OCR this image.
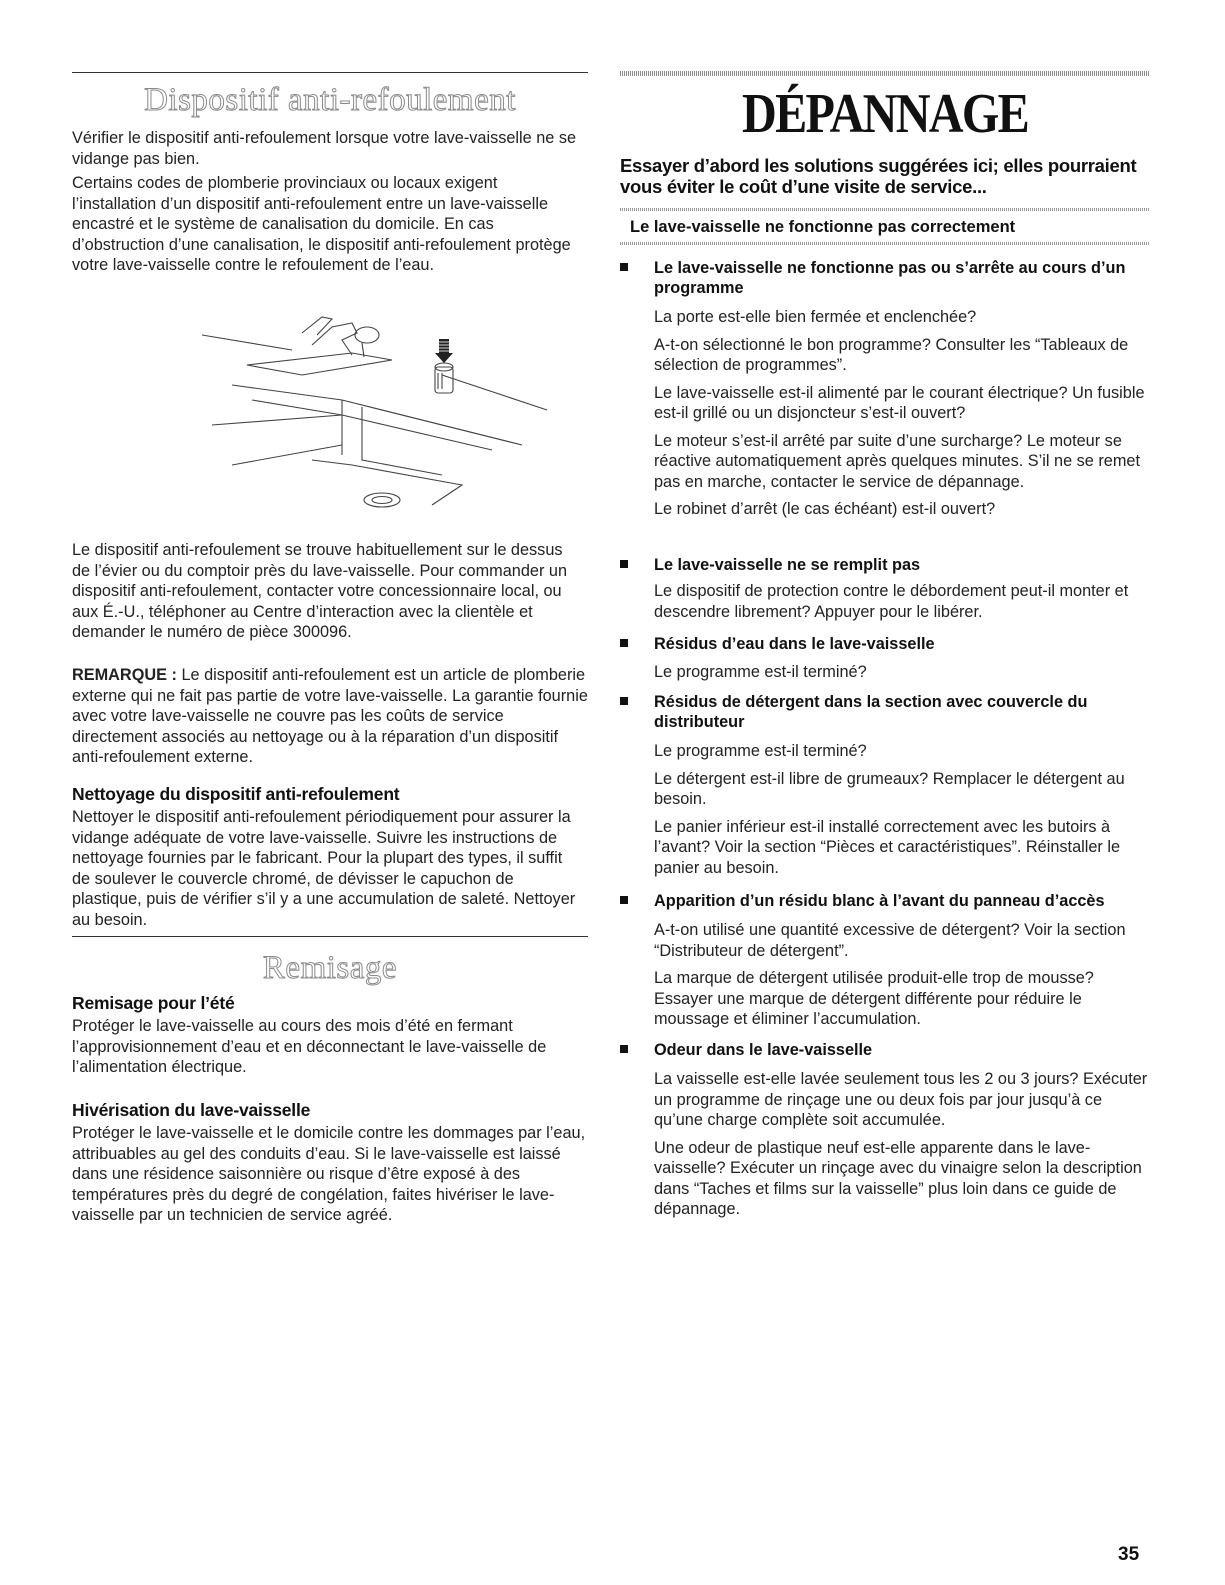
Dispositif anti-refoulement

Vérifier le dispositif anti-refoulement lorsque votre lave-vaisselle ne se vidange pas bien.

Certains codes de plomberie provinciaux ou locaux exigent l’installation d’un dispositif anti-refoulement entre un lave-vaisselle encastré et le système de canalisation du domicile. En cas d’obstruction d’une canalisation, le dispositif anti-refoulement protège votre lave-vaisselle contre le refoulement de l’eau.

Le dispositif anti-refoulement se trouve habituellement sur le dessus de l’évier ou du comptoir près du lave-vaisselle. Pour commander un dispositif anti-refoulement, contacter votre concessionnaire local, ou aux É.-U., téléphoner au Centre d’interaction avec la clientèle et demander le numéro de pièce 300096.

REMARQUE : Le dispositif anti-refoulement est un article de plomberie externe qui ne fait pas partie de votre lave-vaisselle. La garantie fournie avec votre lave-vaisselle ne couvre pas les coûts de service directement associés au nettoyage ou à la réparation d’un dispositif anti-refoulement externe.

Nettoyage du dispositif anti-refoulement

Nettoyer le dispositif anti-refoulement périodiquement pour assurer la vidange adéquate de votre lave-vaisselle. Suivre les instructions de nettoyage fournies par le fabricant. Pour la plupart des types, il suffit de soulever le couvercle chromé, de dévisser le capuchon de plastique, puis de vérifier s’il y a une accumulation de saleté. Nettoyer au besoin.

Remisage

Remisage pour l’été

Protéger le lave-vaisselle au cours des mois d’été en fermant l’approvisionnement d’eau et en déconnectant le lave-vaisselle de l’alimentation électrique.

Hivérisation du lave-vaisselle

Protéger le lave-vaisselle et le domicile contre les dommages par l’eau, attribuables au gel des conduits d’eau. Si le lave-vaisselle est laissé dans une résidence saisonnière ou risque d’être exposé à des températures près du degré de congélation, faites hivériser le lave-vaisselle par un technicien de service agréé.

DÉPANNAGE

Essayer d’abord les solutions suggérées ici; elles pourraient vous éviter le coût d’une visite de service...

Le lave-vaisselle ne fonctionne pas correctement

Le lave-vaisselle ne fonctionne pas ou s’arrête au cours d’un programme

La porte est-elle bien fermée et enclenchée?

A-t-on sélectionné le bon programme? Consulter les “Tableaux de sélection de programmes”.

Le lave-vaisselle est-il alimenté par le courant électrique? Un fusible est-il grillé ou un disjoncteur s’est-il ouvert?

Le moteur s’est-il arrêté par suite d’une surcharge? Le moteur se réactive automatiquement après quelques minutes. S’il ne se remet pas en marche, contacter le service de dépannage.

Le robinet d’arrêt (le cas échéant) est-il ouvert?

Le lave-vaisselle ne se remplit pas

Le dispositif de protection contre le débordement peut-il monter et descendre librement? Appuyer pour le libérer.

Résidus d’eau dans le lave-vaisselle

Le programme est-il terminé?

Résidus de détergent dans la section avec couvercle du distributeur

Le programme est-il terminé?

Le détergent est-il libre de grumeaux? Remplacer le détergent au besoin.

Le panier inférieur est-il installé correctement avec les butoirs à l’avant? Voir la section “Pièces et caractéristiques”. Réinstaller le panier au besoin.

Apparition d’un résidu blanc à l’avant du panneau d’accès

A-t-on utilisé une quantité excessive de détergent? Voir la section “Distributeur de détergent”.

La marque de détergent utilisée produit-elle trop de mousse? Essayer une marque de détergent différente pour réduire le moussage et éliminer l’accumulation.

Odeur dans le lave-vaisselle

La vaisselle est-elle lavée seulement tous les 2 ou 3 jours? Exécuter un programme de rinçage une ou deux fois par jour jusqu’à ce qu’une charge complète soit accumulée.

Une odeur de plastique neuf est-elle apparente dans le lave-vaisselle? Exécuter un rinçage avec du vinaigre selon la description dans “Taches et films sur la vaisselle” plus loin dans ce guide de dépannage.

35
